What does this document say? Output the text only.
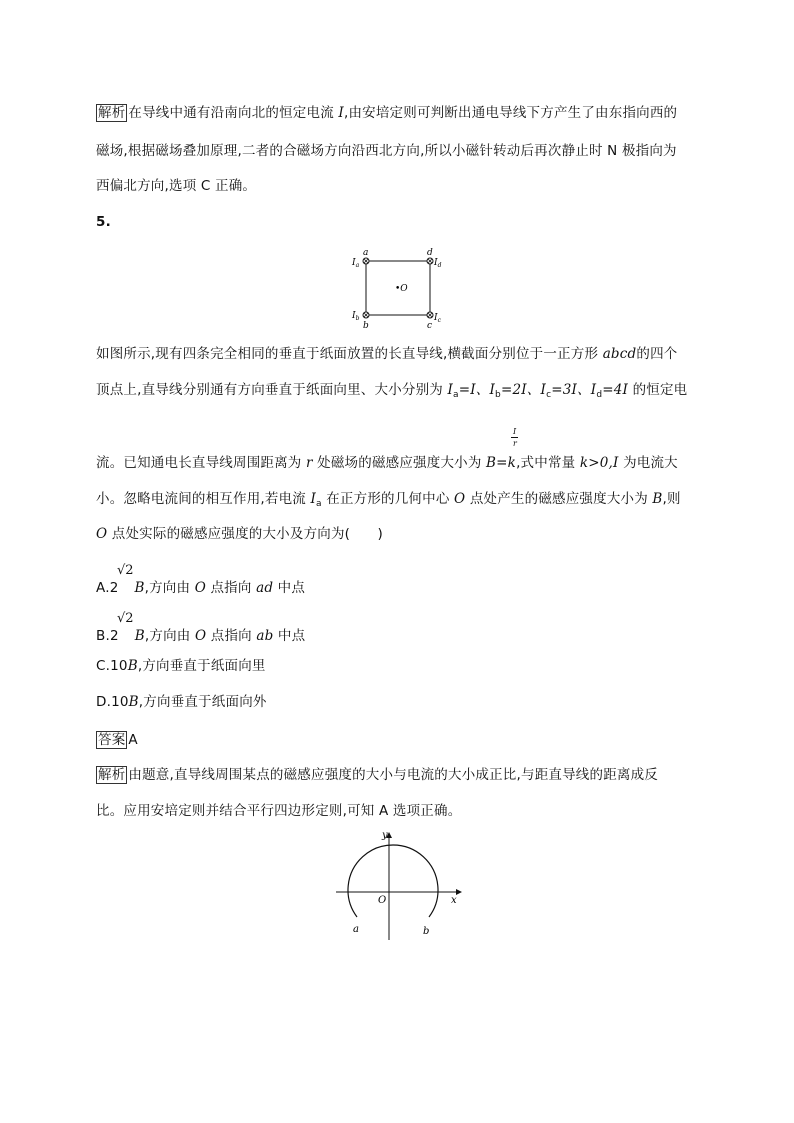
解析 在导线中通有沿南向北的恒定电流 I,由安培定则可判断出通电导线下方产生了由东指向西的
磁场,根据磁场叠加原理,二者的合磁场方向沿西北方向,所以小磁针转动后再次静止时 N 极指向为
西偏北方向,选项 C 正确。
5.
a	d
b	c
$I_a$	$I_d$
$I_b$	$I_c$
•O
如图所示,现有四条完全相同的垂直于纸面放置的长直导线,横截面分别位于一正方形 abcd的四个
顶点上,直导线分别通有方向垂直于纸面向里、大小分别为 $I_a=I$、$I_b=2I$、$I_c=3I$、$I_d=4I$ 的恒定电
I
r
流。已知通电长直导线周围距离为 r 处磁场的磁感应强度大小为 B=k,式中常量 k>0,I 为电流大
小。忽略电流间的相互作用,若电流 $I_a$ 在正方形的几何中心 O 点处产生的磁感应强度大小为 B,则
O 点处实际的磁感应强度的大小及方向为(　　)
√2
A.2 B,方向由 O 点指向 ad 中点
√2
B.2 B,方向由 O 点指向 ab 中点
C.10B,方向垂直于纸面向里
D.10B,方向垂直于纸面向外
答案 A
解析 由题意,直导线周围某点的磁感应强度的大小与电流的大小成正比,与距直导线的距离成反
比。应用安培定则并结合平行四边形定则,可知 A 选项正确。
y
x
O
a	b
